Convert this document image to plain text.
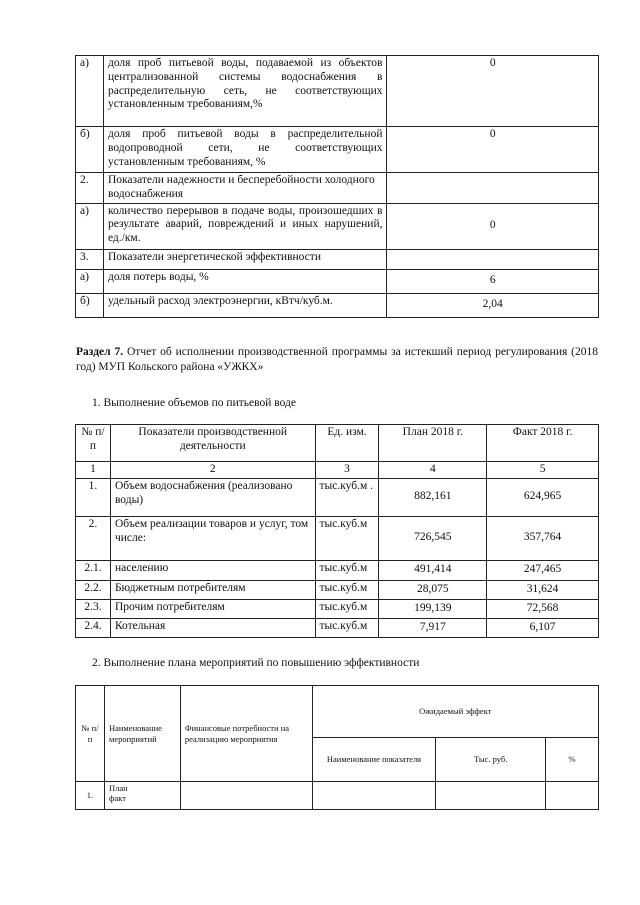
а)	доля проб питьевой воды, подаваемой из объектов централизованной системы водоснабжения в распределительную сеть, не соответствующих установленным требованиям,%	0
б)	доля проб питьевой воды в распределительной водопроводной сети, не соответствующих установленным требованиям, %	0
2.	Показатели надежности и бесперебойности холодного водоснабжения	
а)	количество перерывов в подаче воды, произошедших в результате аварий, повреждений и иных нарушений, ед./км.	0
3.	Показатели энергетической эффективности	
а)	доля потерь воды, %	6
б)	удельный расход электроэнергии, кВтч/куб.м.	2,04
Раздел 7. Отчет об исполнении производственной программы за истекший период регулирования (2018 год) МУП Кольского района «УЖКХ»
1. Выполнение объемов по питьевой воде
№ п/п	Показатели производственной деятельности	Ед. изм.	План 2018 г.	Факт 2018 г.
1	2	3	4	5
1.	Объем водоснабжения (реализовано воды)	тыс.куб.м .	882,161	624,965
2.	Объем реализации товаров и услуг, том числе:	тыс.куб.м	726,545	357,764
2.1.	населению	тыс.куб.м	491,414	247,465
2.2.	Бюджетным потребителям	тыс.куб.м	28,075	31,624
2.3.	Прочим потребителям	тыс.куб.м	199,139	72,568
2.4.	Котельная	тыс.куб.м	7,917	6,107
2. Выполнение плана мероприятий по повышению эффективности
№ п/п	Наименование мероприятий	Финансовые потребности на реализацию мероприятия	Ожидаемый эффект		
			Наименование показателя	Тыс. руб.	%
1.	План
факт				
